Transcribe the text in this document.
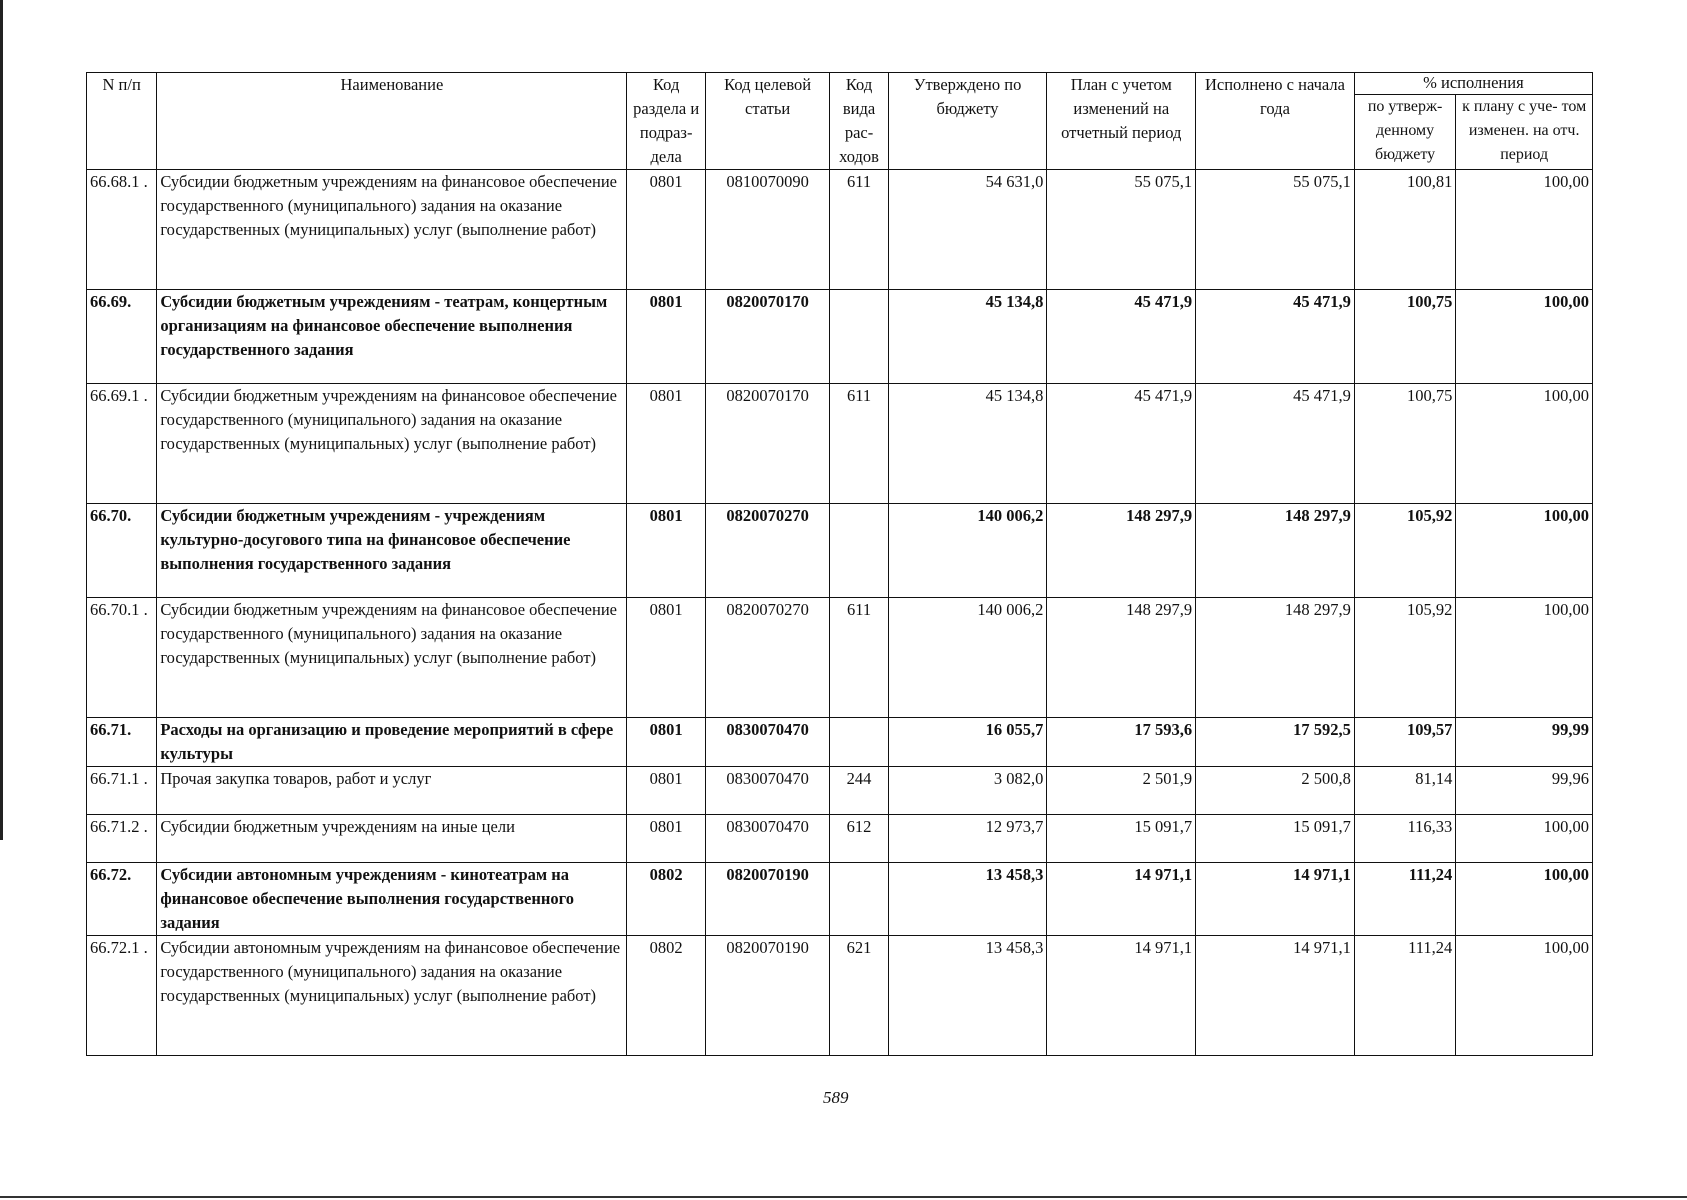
N п/п	Наименование	Код раздела и подраз- дела	Код целевой статьи	Код вида рас- ходов	Утверждено по бюджету	План с учетом изменений на отчетный период	Исполнено с начала года	% исполнения	
								по утверж- денному бюджету	к плану с уче- том изменен. на отч. период
66.68.1 .	Субсидии бюджетным учреждениям на финансовое обеспечение государственного (муниципального) задания на оказание государственных (муниципальных) услуг (выполнение работ)	0801	0810070090	611	54 631,0	55 075,1	55 075,1	100,81	100,00
66.69.	Субсидии бюджетным учреждениям - театрам, концертным организациям на финансовое обеспечение выполнения государственного задания	0801	0820070170		45 134,8	45 471,9	45 471,9	100,75	100,00
66.69.1 .	Субсидии бюджетным учреждениям на финансовое обеспечение государственного (муниципального) задания на оказание государственных (муниципальных) услуг (выполнение работ)	0801	0820070170	611	45 134,8	45 471,9	45 471,9	100,75	100,00
66.70.	Субсидии бюджетным учреждениям - учреждениям культурно-досугового типа на финансовое обеспечение выполнения государственного задания	0801	0820070270		140 006,2	148 297,9	148 297,9	105,92	100,00
66.70.1 .	Субсидии бюджетным учреждениям на финансовое обеспечение государственного (муниципального) задания на оказание государственных (муниципальных) услуг (выполнение работ)	0801	0820070270	611	140 006,2	148 297,9	148 297,9	105,92	100,00
66.71.	Расходы на организацию и проведение мероприятий в сфере культуры	0801	0830070470		16 055,7	17 593,6	17 592,5	109,57	99,99
66.71.1 .	Прочая закупка товаров, работ и услуг	0801	0830070470	244	3 082,0	2 501,9	2 500,8	81,14	99,96
66.71.2 .	Субсидии бюджетным учреждениям на иные цели	0801	0830070470	612	12 973,7	15 091,7	15 091,7	116,33	100,00
66.72.	Субсидии автономным учреждениям - кинотеатрам на финансовое обеспечение выполнения государственного задания	0802	0820070190		13 458,3	14 971,1	14 971,1	111,24	100,00
66.72.1 .	Субсидии автономным учреждениям на финансовое обеспечение государственного (муниципального) задания на оказание государственных (муниципальных) услуг (выполнение работ)	0802	0820070190	621	13 458,3	14 971,1	14 971,1	111,24	100,00
589
